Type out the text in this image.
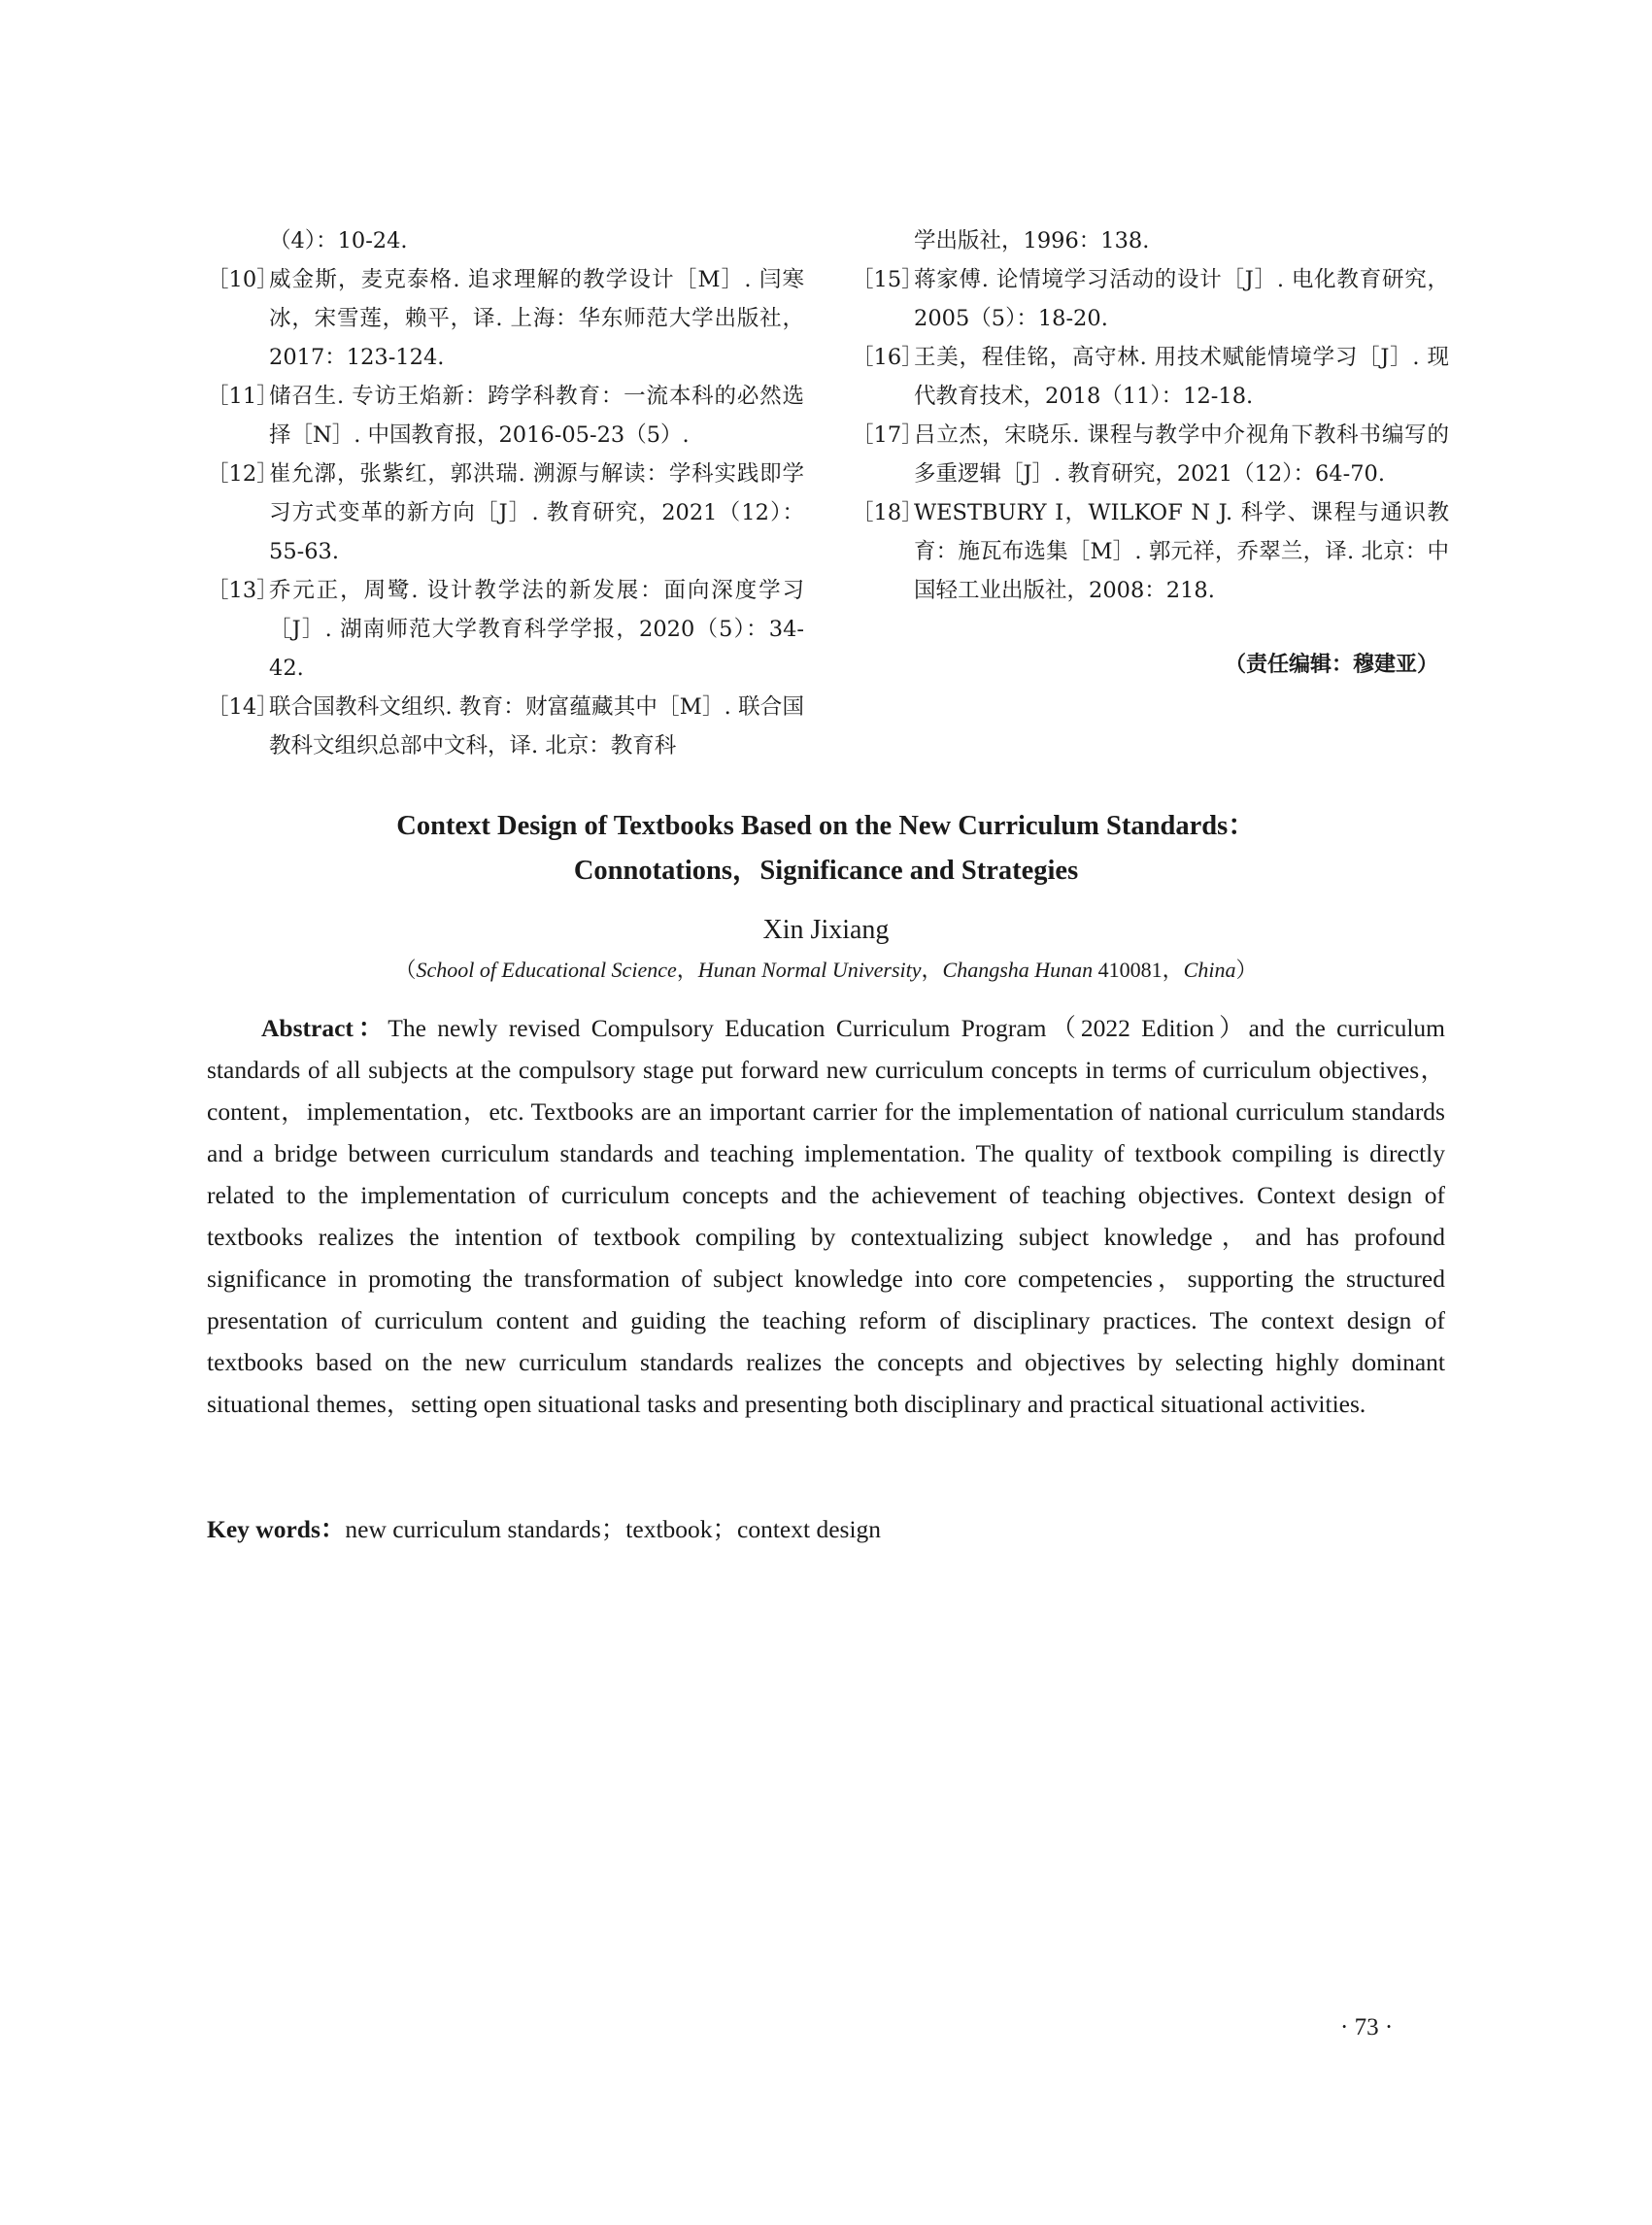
（4）：10-24.
［10］
威金斯，麦克泰格. 追求理解的教学设计［M］. 闫寒冰，宋雪莲，赖平，译. 上海：华东师范大学出版社，2017：123-124.
［11］
储召生. 专访王焰新：跨学科教育：一流本科的必然选择［N］. 中国教育报，2016-05-23（5）.
［12］
崔允漷，张紫红，郭洪瑞. 溯源与解读：学科实践即学习方式变革的新方向［J］. 教育研究，2021（12）：55-63.
［13］
乔元正，周鹭. 设计教学法的新发展：面向深度学习［J］. 湖南师范大学教育科学学报，2020（5）：34-42.
［14］
联合国教科文组织. 教育：财富蕴藏其中［M］. 联合国教科文组织总部中文科，译. 北京：教育科
学出版社，1996：138.
［15］
蒋家傅. 论情境学习活动的设计［J］. 电化教育研究，2005（5）：18-20.
［16］
王美，程佳铭，高守林. 用技术赋能情境学习［J］. 现代教育技术，2018（11）：12-18.
［17］
吕立杰，宋晓乐. 课程与教学中介视角下教科书编写的多重逻辑［J］. 教育研究，2021（12）：64-70.
［18］
WESTBURY I，WILKOF N J. 科学、课程与通识教育：施瓦布选集［M］. 郭元祥，乔翠兰，译. 北京：中国轻工业出版社，2008：218.
（责任编辑：穆建亚）
Context Design of Textbooks Based on the New Curriculum Standards：
Connotations，Significance and Strategies
Xin Jixiang
（School of Educational Science，Hunan Normal University，Changsha Hunan 410081，China）
Abstract：The newly revised Compulsory Education Curriculum Program（2022 Edition）and the curriculum standards of all subjects at the compulsory stage put forward new curriculum concepts in terms of curriculum objectives，content，implementation，etc. Textbooks are an important carrier for the implementation of national curriculum standards and a bridge between curriculum standards and teaching implementation. The quality of textbook compiling is directly related to the implementation of curriculum concepts and the achievement of teaching objectives. Context design of textbooks realizes the intention of textbook compiling by contextualizing subject knowledge，and has profound significance in promoting the transformation of subject knowledge into core competencies，supporting the structured presentation of curriculum content and guiding the teaching reform of disciplinary practices. The context design of textbooks based on the new curriculum standards realizes the concepts and objectives by selecting highly dominant situational themes，setting open situational tasks and presenting both disciplinary and practical situational activities.
Key words：new curriculum standards；textbook；context design
· 73 ·
